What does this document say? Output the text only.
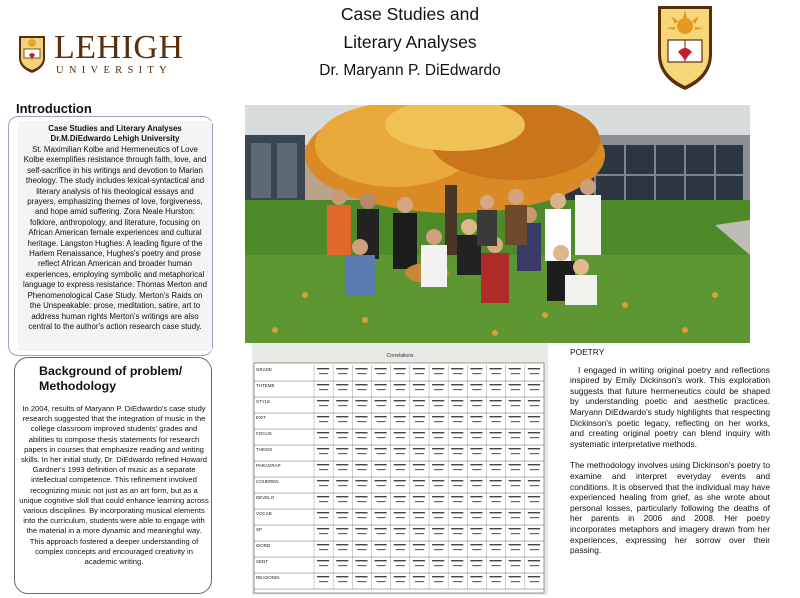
LEHIGH
UNIVERSITY
Case Studies and
Literary Analyses
Dr. Maryann P. DiEdwardo
Introduction
Case Studies and Literary Analyses
Dr.M.DiEdwardo Lehigh University
St. Maximilian Kolbe and Hermeneutics of Love Kolbe exemplifies resistance through faith, love, and self-sacrifice in his writings and devotion to Marian theology. The study includes lexical-syntactical and literary analysis of his theological essays and prayers, emphasizing themes of love, forgiveness, and hope amid suffering. Zora Neale Hurston: folklore, anthropology, and literature, focusing on African American female experiences and cultural heritage. Langston Hughes: A leading figure of the Harlem Renaissance, Hughes's poetry and prose reflect African American and broader human experiences, employing symbolic and metaphorical language to express resistance. Thomas Merton and Phenomenological Case Study. Merton's Raids on the Unspeakable: prose, meditation, satire, art to address human rights Merton's writings are also central to the author's action research case study.
Background of problem/
Methodology
In 2004, results of Maryann P. DiEdwardo's case study research suggested that the integration of music in the college classroom improved students' grades and abilities to compose thesis statements for research papers in courses that emphasize reading and writing skills. In her initial study, Dr. DiEdwardo refined Howard Gardner's 1993 definition of music as a separate intellectual competence. This refinement involved recognizing music not just as an art form, but as a unique cognitive skill that could enhance learning across various disciplines. By incorporating musical elements into the curriculum, students were able to engage with the material in a more dynamic and meaningful way. This approach fostered a deeper understanding of complex concepts and encouraged creativity in academic writing.
Correlations
GRADE
THTEME
STYLE
EXIT
FOCUS
THESIS
PARAGRAP
COHEREN
DEVELO
VOCAB
SP
WORD
SENT
REASONIN
POETRY

I engaged in writing original poetry and reflections inspired by Emily Dickinson's work. This exploration suggests that future hermeneutics could be shaped by understanding poetic and aesthetic practices. Maryann DiEdwardo's study highlights that respecting Dickinson's poetic legacy, reflecting on her works, and creating original poetry can blend inquiry with systematic interpretative methods.

The methodology involves using Dickinson's poetry to examine and interpret everyday events and conditions. It is observed that the individual may have experienced healing from grief, as she wrote about personal losses, particularly following the deaths of her parents in 2006 and 2008. Her poetry incorporates metaphors and imagery drawn from her experiences, expressing her sorrow over their passing.
